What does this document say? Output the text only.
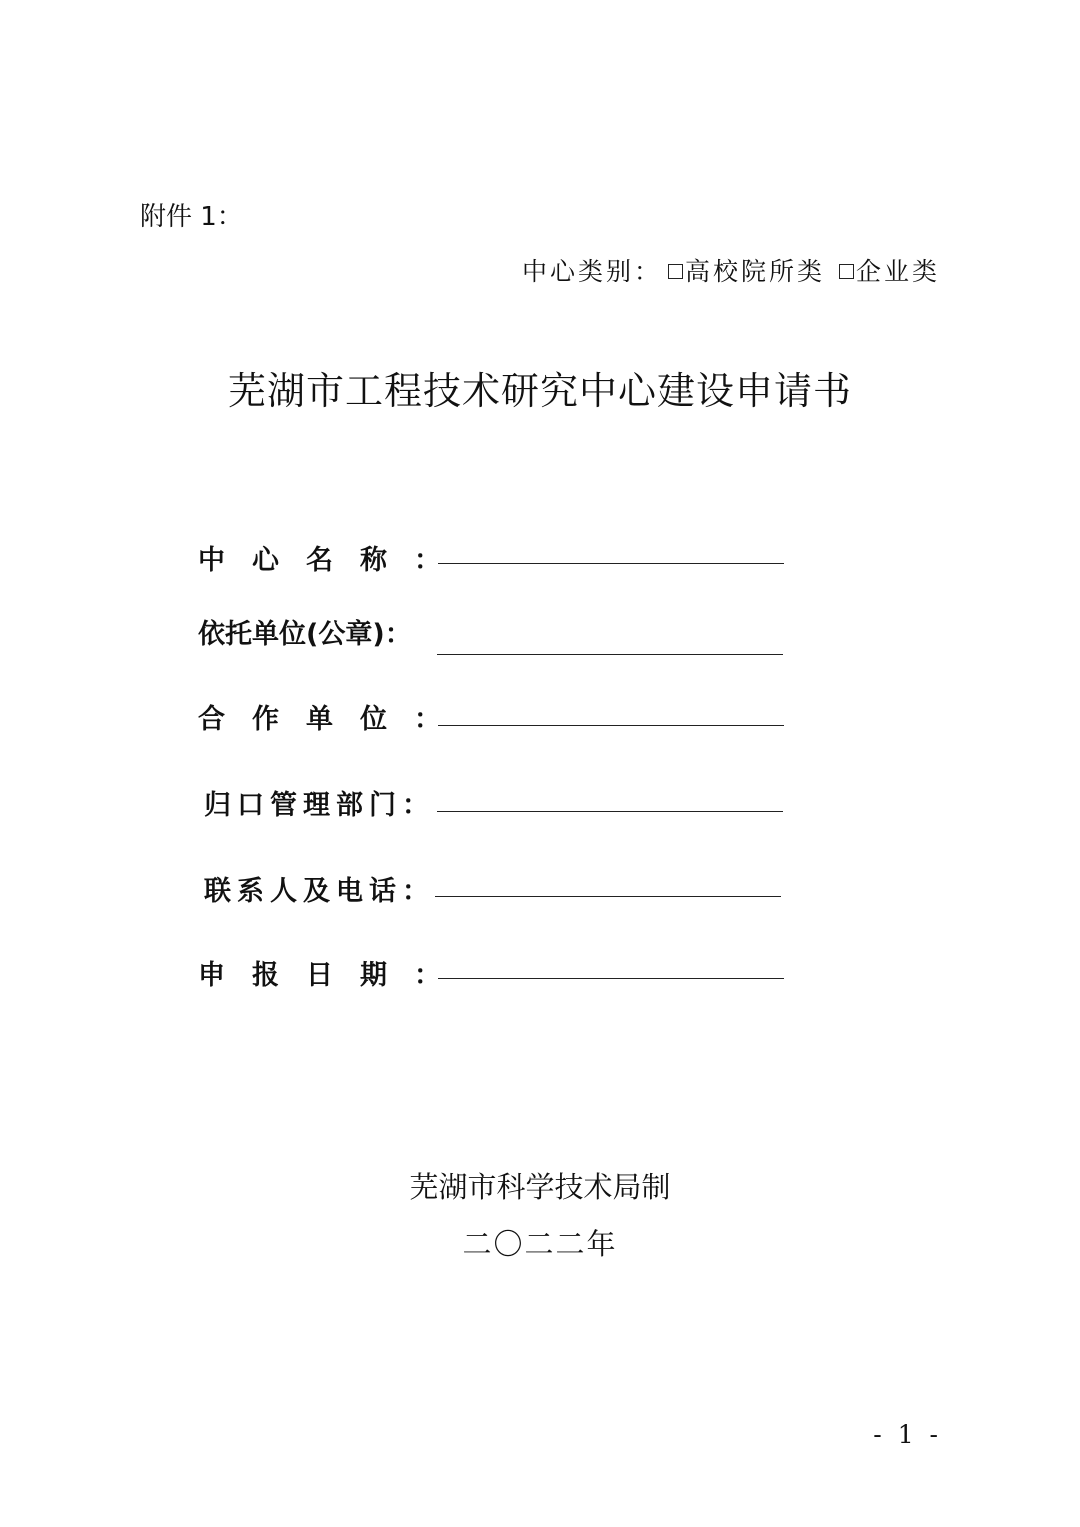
附件 1：
中心类别： 高校院所类 企业类
芜湖市工程技术研究中心建设申请书
中心名称：
依托单位(公章)：
合作单位：
归口管理部门：
联系人及电话：
申报日期：
芜湖市科学技术局制
二〇二二年
- 1 -
